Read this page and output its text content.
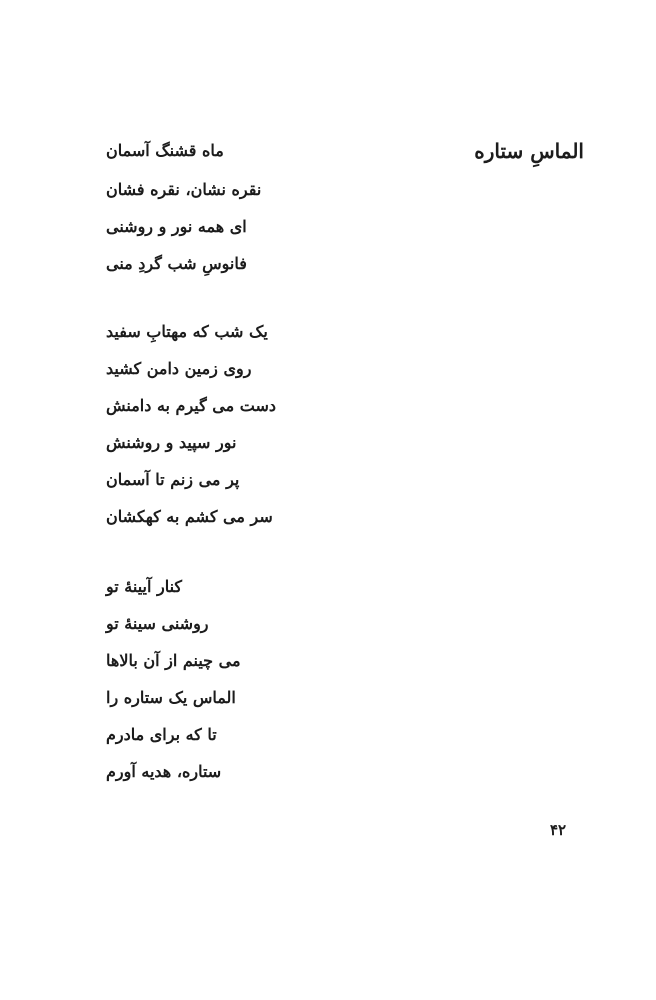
الماسِ ستاره
ماه قشنگ آسمان
نقره نشان، نقره فشان
ای همه نور و روشنی
فانوسِ شب گردِ منی
یک شب که مهتابِ سفید
روی زمین دامن کشید
دست می گیرم به دامنش
نور سپید و روشنش
پر می زنم تا آسمان
سر می کشم به کهکشان
کنار آیینهٔ تو
روشنی سینهٔ تو
می چینم از آن بالاها
الماس یک ستاره را
تا که برای مادرم
ستاره، هدیه آورم
۴۲
